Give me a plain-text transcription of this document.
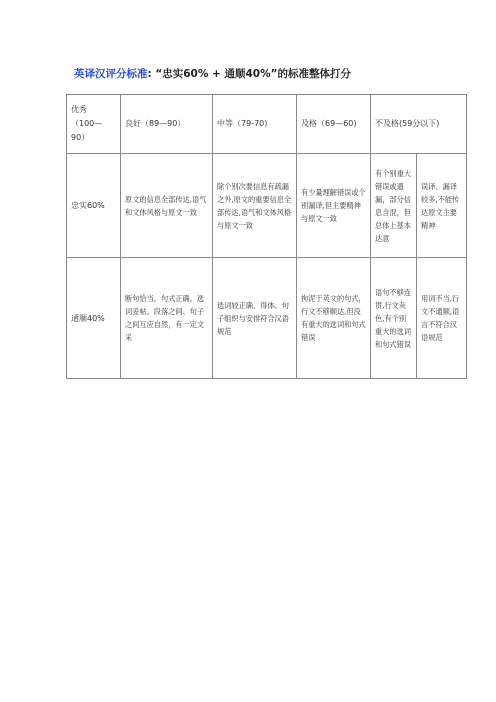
英译汉评分标准: “忠实60% + 通顺40%”的标准整体打分
优秀
（100—90）	良好（89—90）	中等（79-70)	及格（69—60)	不及格(59分以下)	
忠实60%	原文的信息全部传达,语气和文体风格与原文一致	除个别次要信息有疏漏之外,原文的重要信息全部传达,语气和文体风格与原文一致	有少量理解错误或个别漏译,但主要精神与原文一致	有个别重大错误或遗漏，部分信息含混，但总体上基本达意	误译、漏译较多,不能传达原文主要精神
通顺40%	断句恰当，句式正确。选词妥帖。段落之间、句子之间互应自然，有一定文采	选词较正确、得体。句子组织与安排符合汉语规范	拘泥于英文的句式，行文不够顺达,但没有重大的选词和句式错误	语句不够连贯,行文灰色,有个别重大的选词和句式错误	用词不当,行文不通顺,语言不符合汉语规范
